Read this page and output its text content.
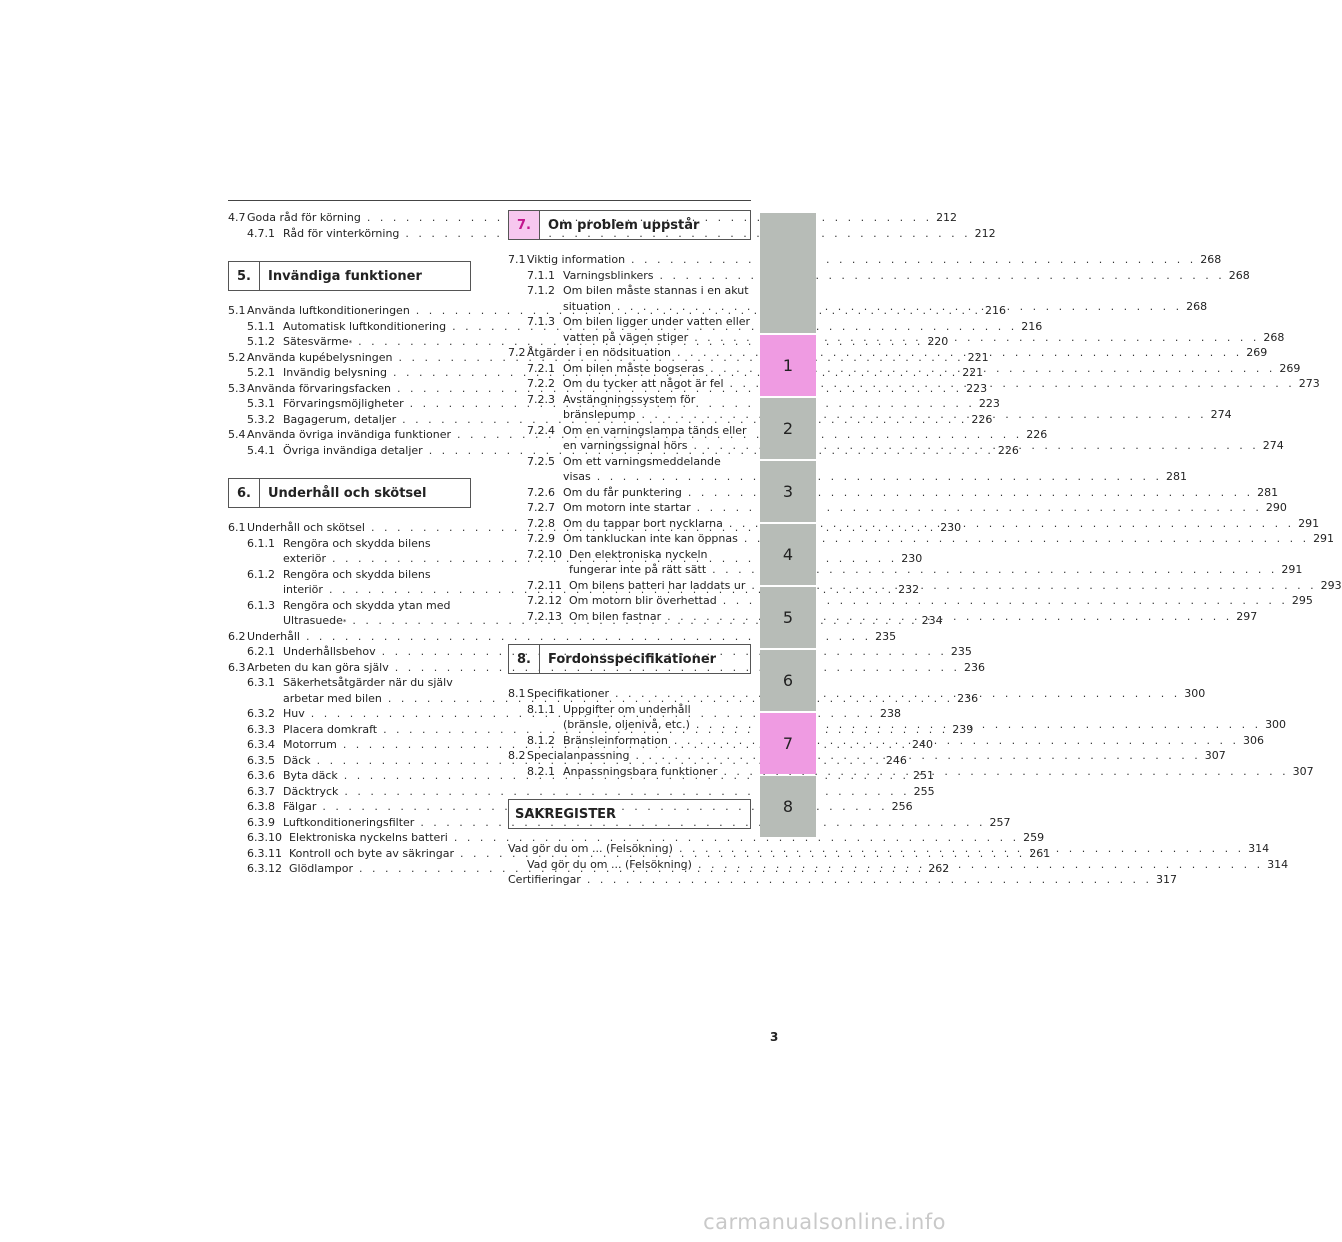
4.7 Goda råd för körning . . .	212
4.7.1 Råd för vinterkörning . . .	212
5.	Invändiga funktioner
5.1 Använda luftkonditioneringen . . .	216
5.1.1 Automatisk luftkonditionering . . .	216
5.1.2 Sätesvärme * . . .	220
5.2 Använda kupébelysningen . . .	221
5.2.1 Invändig belysning . . .	221
5.3 Använda förvaringsfacken . . .	223
5.3.1 Förvaringsmöjligheter . . .	223
5.3.2 Bagagerum, detaljer . . .	226
5.4 Använda övriga invändiga funktioner . . .	226
5.4.1 Övriga invändiga detaljer . . .	226
6.	Underhåll och skötsel
6.1 Underhåll och skötsel . . .	230
6.1.1 Rengöra och skydda bilens
exteriör . . .	230
6.1.2 Rengöra och skydda bilens
interiör . . .	232
6.1.3 Rengöra och skydda ytan med
Ultrasuede * . . .	234
6.2 Underhåll . . .	235
6.2.1 Underhållsbehov . . .	235
6.3 Arbeten du kan göra själv . . .	236
6.3.1 Säkerhetsåtgärder när du själv
arbetar med bilen . . .	236
6.3.2 Huv . . .	238
6.3.3 Placera domkraft . . .	239
6.3.4 Motorrum . . .	240
6.3.5 Däck . . .	246
6.3.6 Byta däck . . .	251
6.3.7 Däcktryck . . .	255
6.3.8 Fälgar . . .	256
6.3.9 Luftkonditioneringsfilter . . .	257
6.3.10 Elektroniska nyckelns batteri . . .	259
6.3.11 Kontroll och byte av säkringar . . .	261
6.3.12 Glödlampor . . .	262
7.	Om problem uppstår
7.1 Viktig information . . .	268
7.1.1 Varningsblinkers . . .	268
7.1.2 Om bilen måste stannas i en akut
situation . . .	268
7.1.3 Om bilen ligger under vatten eller
vatten på vägen stiger . . .	268
7.2 Åtgärder i en nödsituation . . .	269
7.2.1 Om bilen måste bogseras . . .	269
7.2.2 Om du tycker att något är fel . . .	273
7.2.3 Avstängningssystem för
bränslepump . . .	274
7.2.4 Om en varningslampa tänds eller
en varningssignal hörs . . .	274
7.2.5 Om ett varningsmeddelande
visas . . .	281
7.2.6 Om du får punktering . . .	281
7.2.7 Om motorn inte startar . . .	290
7.2.8 Om du tappar bort nycklarna . . .	291
7.2.9 Om tankluckan inte kan öppnas . . .	291
7.2.10 Den elektroniska nyckeln
fungerar inte på rätt sätt . . .	291
7.2.11 Om bilens batteri har laddats ur . . .	293
7.2.12 Om motorn blir överhettad . . .	295
7.2.13 Om bilen fastnar . . .	297
8.	Fordonsspecifikationer
8.1 Specifikationer . . .	300
8.1.1 Uppgifter om underhåll
(bränsle, oljenivå, etc.) . . .	300
8.1.2 Bränsleinformation . . .	306
8.2 Specialanpassning . . .	307
8.2.1 Anpassningsbara funktioner . . .	307
SAKREGISTER
Vad gör du om ... (Felsökning) . . .	314
Vad gör du om ... (Felsökning) . . .	314
Certifieringar . . .	317
1
2
3
4
5
6
7
8
3
carmanualsonline.info
